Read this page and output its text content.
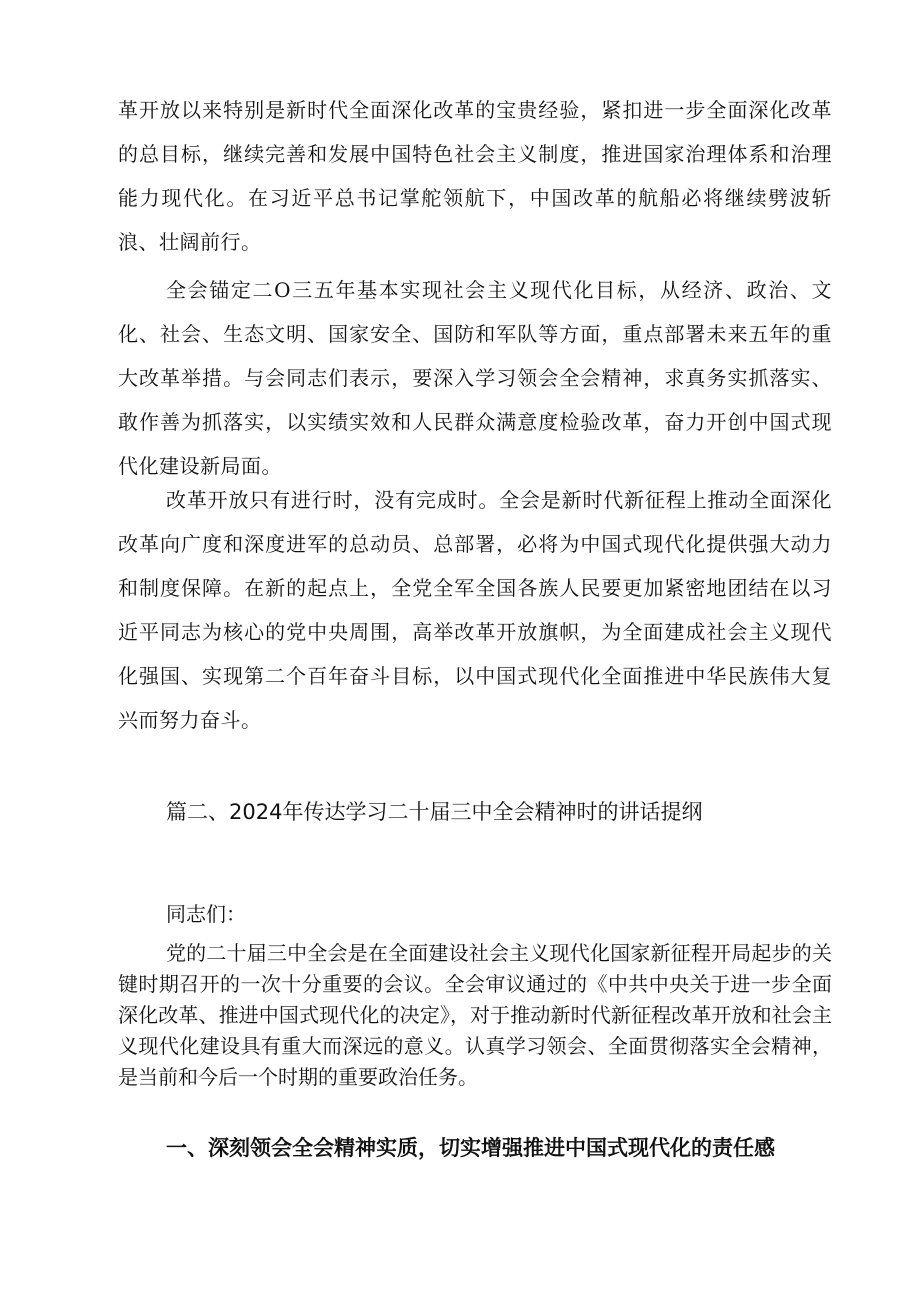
革开放以来特别是新时代全面深化改革的宝贵经验，紧扣进一步全面深化改革的总目标，继续完善和发展中国特色社会主义制度，推进国家治理体系和治理能力现代化。在习近平总书记掌舵领航下，中国改革的航船必将继续劈波斩浪、壮阔前行。

全会锚定二O三五年基本实现社会主义现代化目标，从经济、政治、文化、社会、生态文明、国家安全、国防和军队等方面，重点部署未来五年的重大改革举措。与会同志们表示，要深入学习领会全会精神，求真务实抓落实、敢作善为抓落实，以实绩实效和人民群众满意度检验改革，奋力开创中国式现代化建设新局面。

改革开放只有进行时，没有完成时。全会是新时代新征程上推动全面深化改革向广度和深度进军的总动员、总部署，必将为中国式现代化提供强大动力和制度保障。在新的起点上，全党全军全国各族人民要更加紧密地团结在以习近平同志为核心的党中央周围，高举改革开放旗帜，为全面建成社会主义现代化强国、实现第二个百年奋斗目标，以中国式现代化全面推进中华民族伟大复兴而努力奋斗。

篇二、2024年传达学习二十届三中全会精神时的讲话提纲

同志们：

党的二十届三中全会是在全面建设社会主义现代化国家新征程开局起步的关键时期召开的一次十分重要的会议。全会审议通过的《中共中央关于进一步全面深化改革、推进中国式现代化的决定》，对于推动新时代新征程改革开放和社会主义现代化建设具有重大而深远的意义。认真学习领会、全面贯彻落实全会精神，是当前和今后一个时期的重要政治任务。

一、深刻领会全会精神实质，切实增强推进中国式现代化的责任感
